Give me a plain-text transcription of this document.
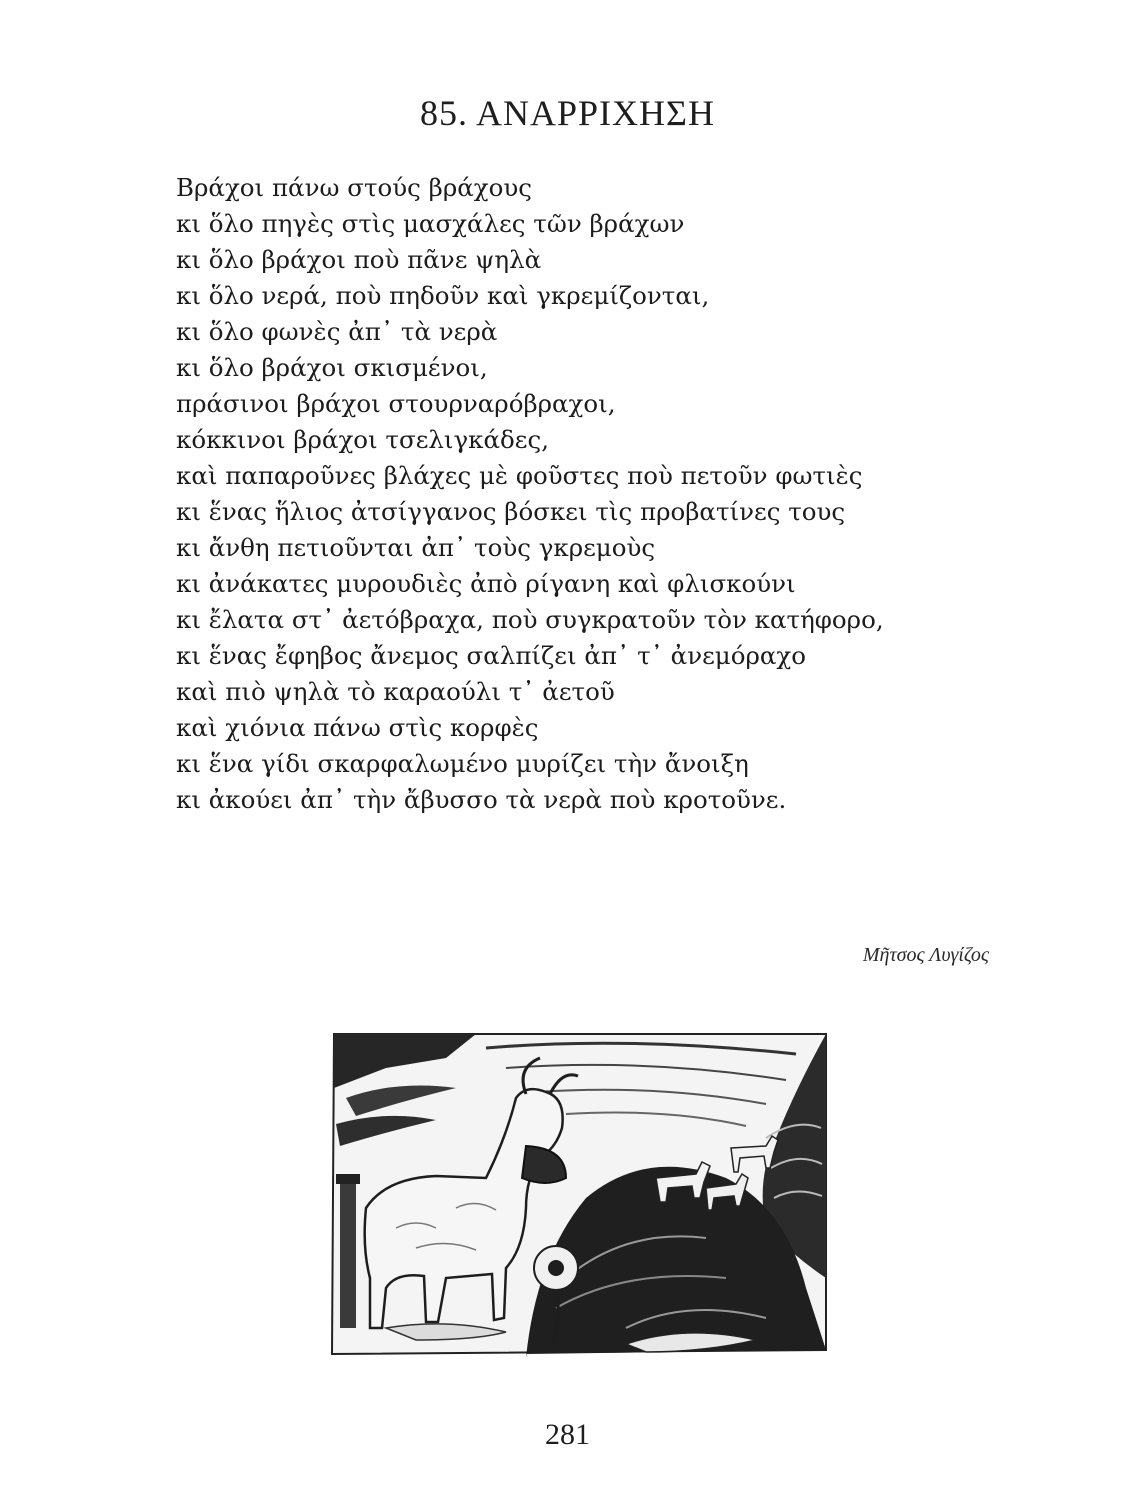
85. ΑΝΑΡΡΙΧΗΣΗ
Βράχοι πάνω στούς βράχους
κι ὅλο πηγὲς στὶς μασχάλες τῶν βράχων
κι ὅλο βράχοι ποὺ πᾶνε ψηλὰ
κι ὅλο νερά, ποὺ πηδοῦν καὶ γκρεμίζονται,
κι ὅλο φωνὲς ἀπ᾿ τὰ νερὰ
κι ὅλο βράχοι σκισμένοι,
πράσινοι βράχοι στουρναρόβραχοι,
κόκκινοι βράχοι τσελιγκάδες,
καὶ παπαροῦνες βλάχες μὲ φοῦστες ποὺ πετοῦν φωτιὲς
κι ἕνας ἥλιος ἀτσίγγανος βόσκει τὶς προβατίνες τους
κι ἄνθη πετιοῦνται ἀπ᾿ τοὺς γκρεμοὺς
κι ἀνάκατες μυρουδιὲς ἀπὸ ρίγανη καὶ φλισκούνι
κι ἔλατα στ᾿ ἀετόβραχα, ποὺ συγκρατοῦν τὸν κατήφορο,
κι ἕνας ἔφηβος ἄνεμος σαλπίζει ἀπ᾿ τ᾿ ἀνεμόραχο
καὶ πιὸ ψηλὰ τὸ καραούλι τ᾿ ἀετοῦ
καὶ χιόνια πάνω στὶς κορφὲς
κι ἕνα γίδι σκαρφαλωμένο μυρίζει τὴν ἄνοιξη
κι ἀκούει ἀπ᾿ τὴν ἄβυσσο τὰ νερὰ ποὺ κροτοῦνε.
Μῆτσος Λυγίζος
281
